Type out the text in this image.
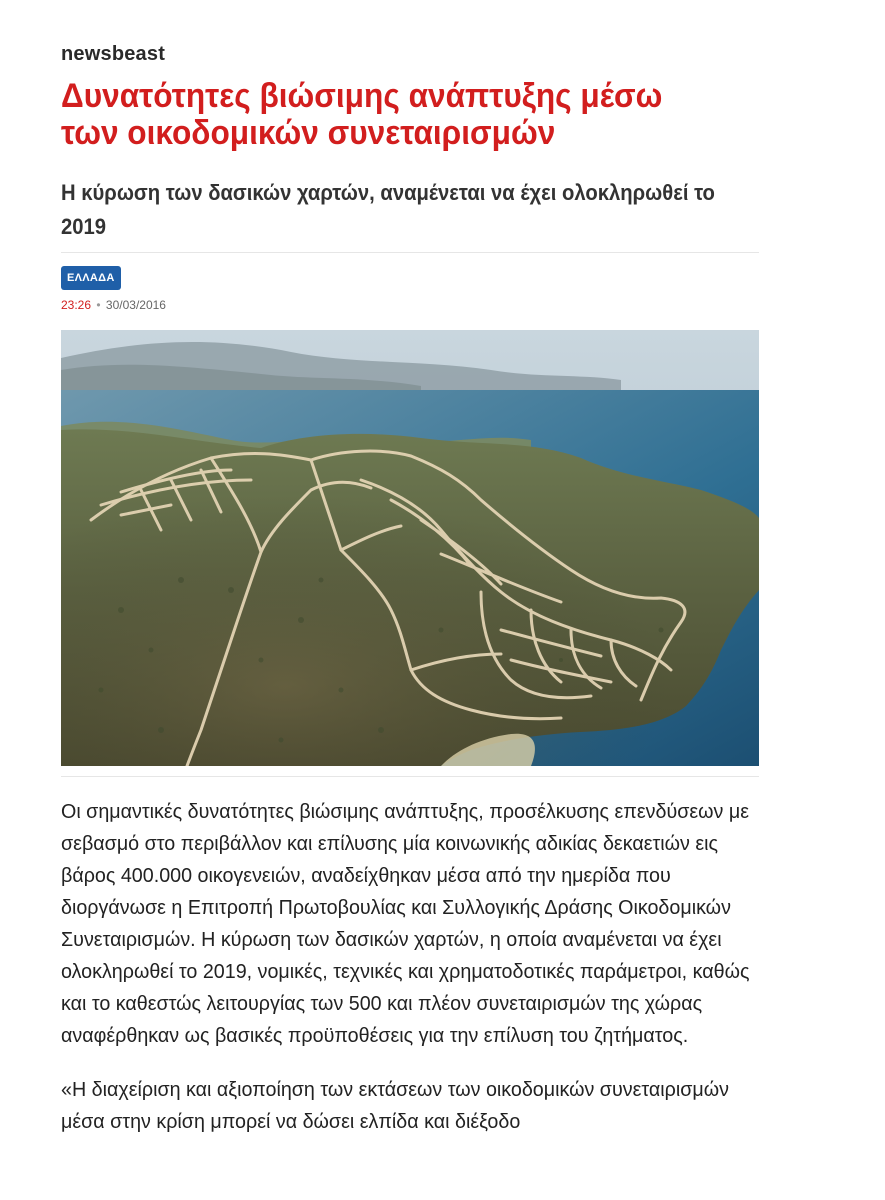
newsbeast
Δυνατότητες βιώσιμης ανάπτυξης μέσω των οικοδομικών συνεταιρισμών
Η κύρωση των δασικών χαρτών, αναμένεται να έχει ολοκληρωθεί το 2019
ΕΛΛΑΔΑ
23:26 • 30/03/2016

Οι σημαντικές δυνατότητες βιώσιμης ανάπτυξης, προσέλκυσης επενδύσεων με σεβασμό στο περιβάλλον και επίλυσης μία κοινωνικής αδικίας δεκαετιών εις βάρος 400.000 οικογενειών, αναδείχθηκαν μέσα από την ημερίδα που διοργάνωσε η Επιτροπή Πρωτοβουλίας και Συλλογικής Δράσης Οικοδομικών Συνεταιρισμών. Η κύρωση των δασικών χαρτών, η οποία αναμένεται να έχει ολοκληρωθεί το 2019, νομικές, τεχνικές και χρηματοδοτικές παράμετροι, καθώς και το καθεστώς λειτουργίας των 500 και πλέον συνεταιρισμών της χώρας αναφέρθηκαν ως βασικές προϋποθέσεις για την επίλυση του ζητήματος.

«Η διαχείριση και αξιοποίηση των εκτάσεων των οικοδομικών συνεταιρισμών μέσα στην κρίση μπορεί να δώσει ελπίδα και διέξοδο
